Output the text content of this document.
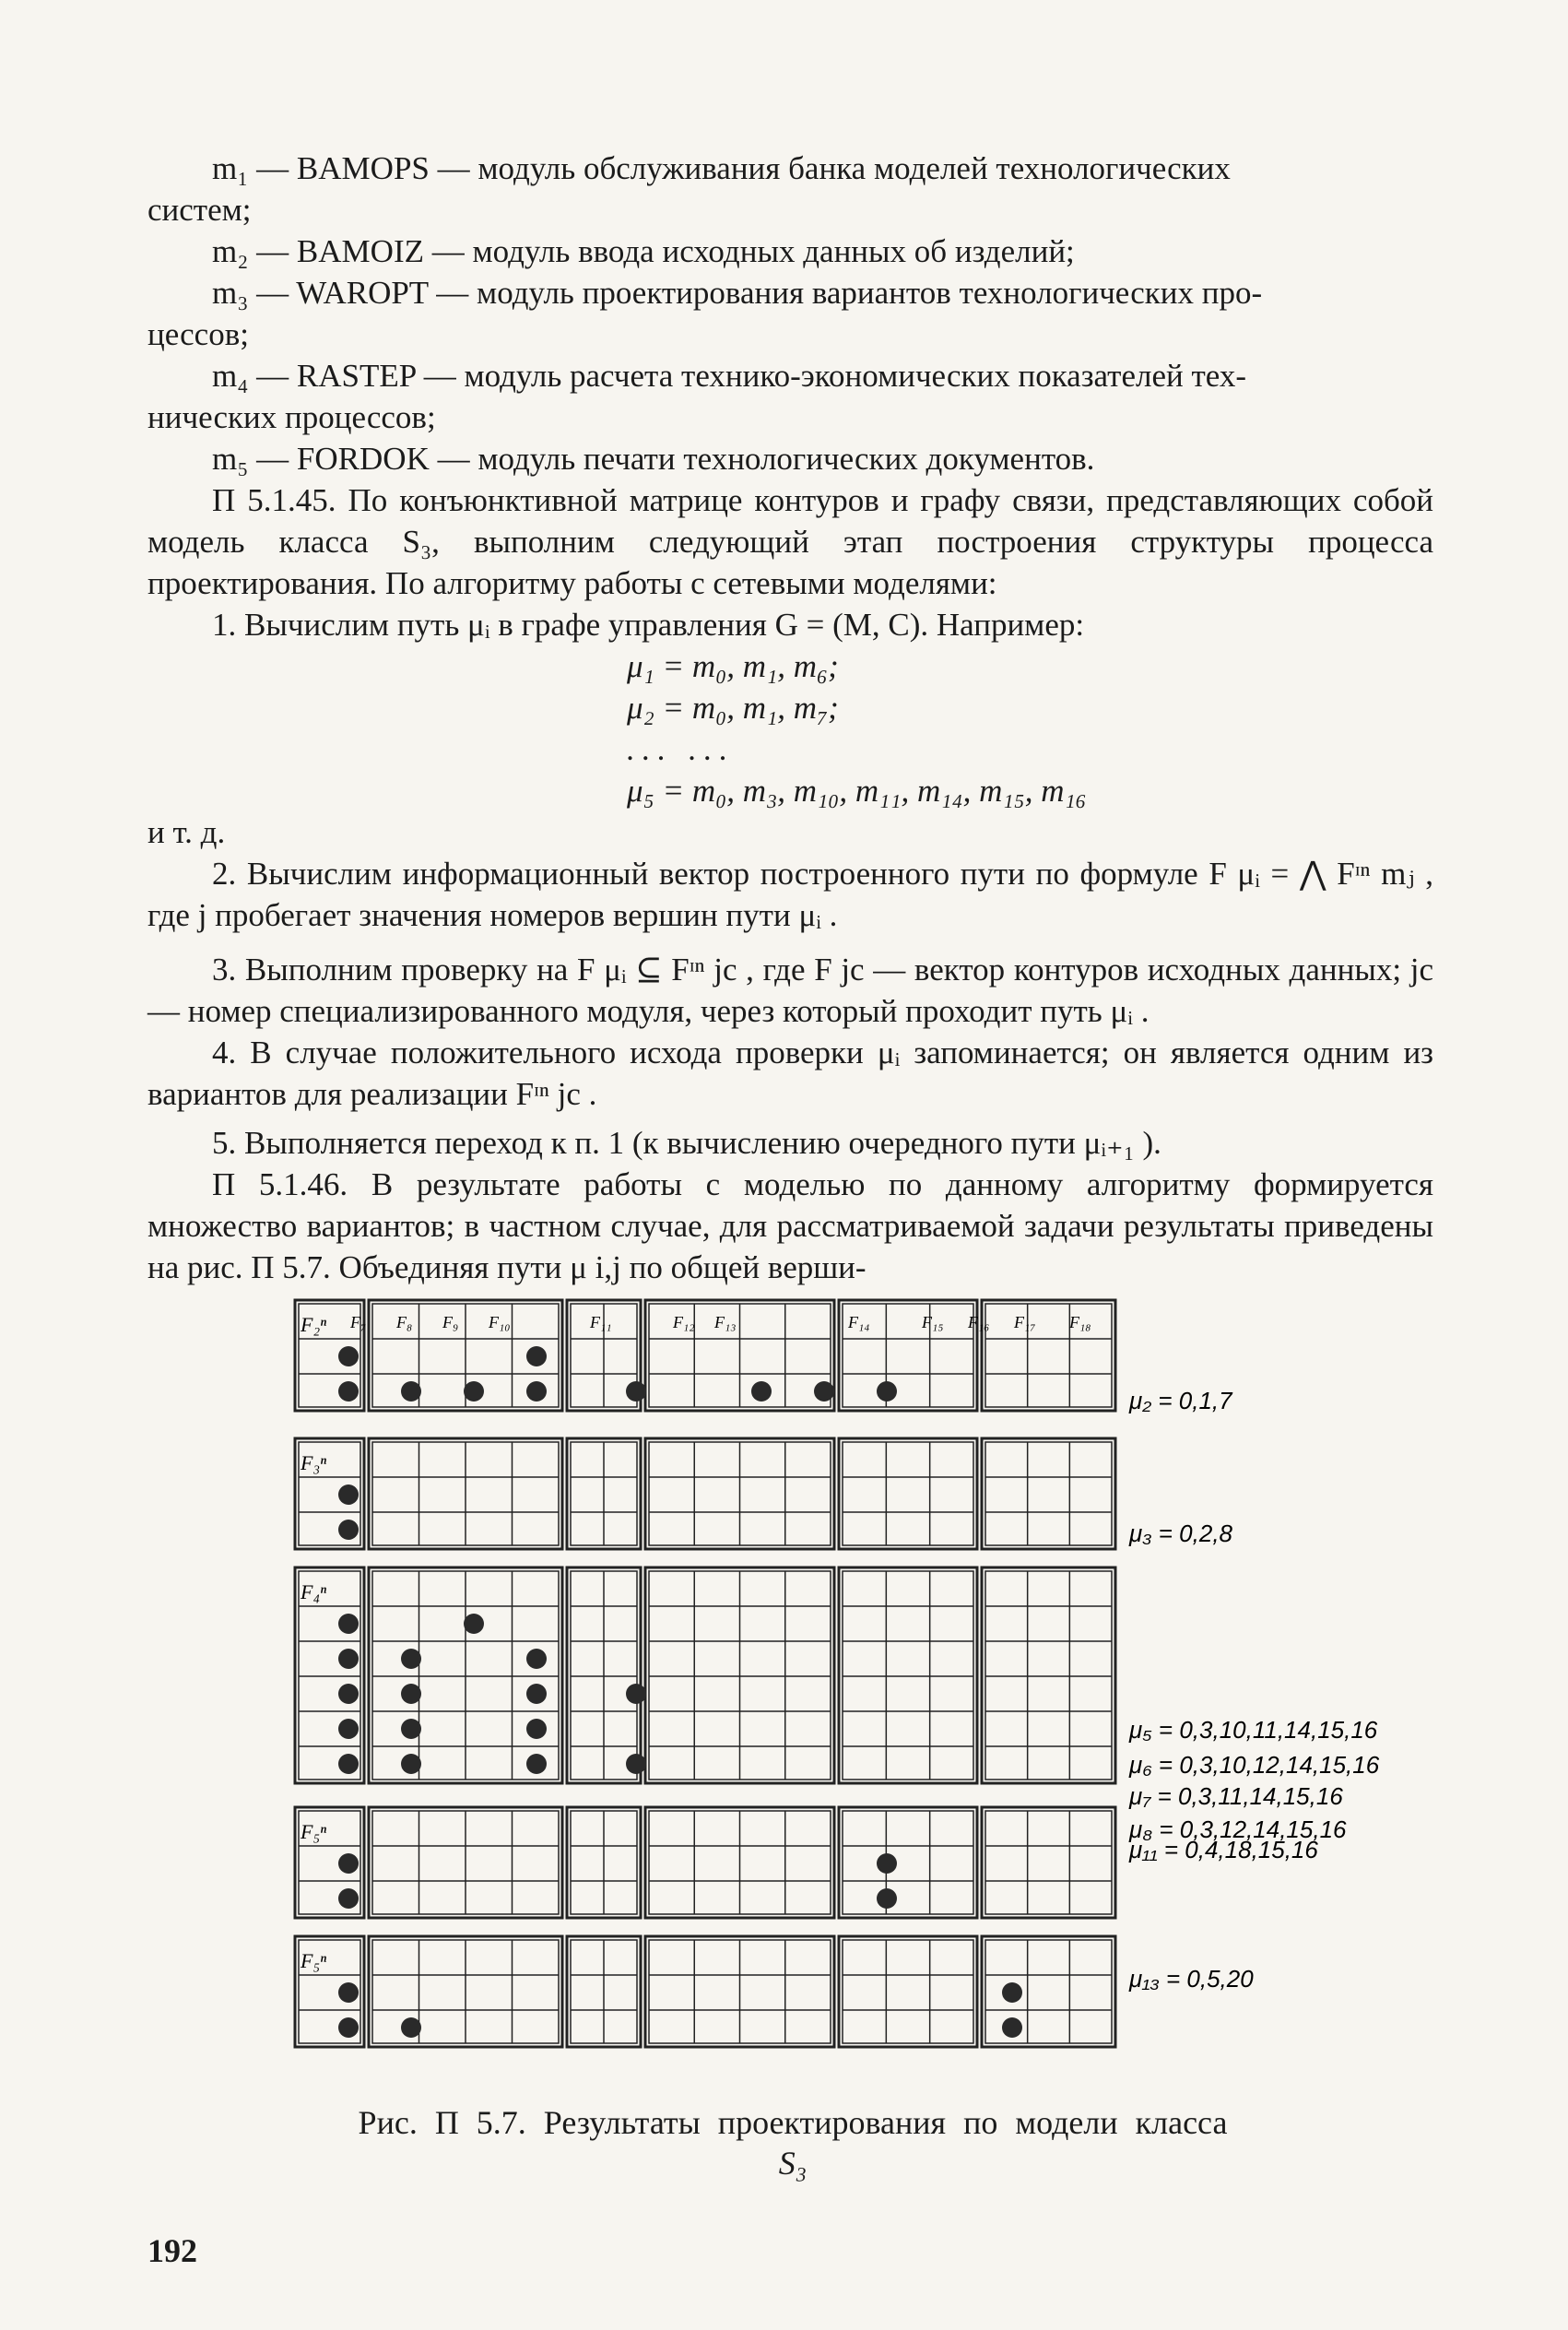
m₁ — BAMOPS — модуль обслуживания банка моделей технологических

систем;

m₂ — BAMOIZ — модуль ввода исходных данных об изделий;

m₃ — WAROPT — модуль проектирования вариантов технологических про-

цессов;

m₄ — RASTEP — модуль расчета технико-экономических показателей тех-

нических процессов;

m₅ — FORDOK — модуль печати технологических документов.

П 5.1.45. По конъюнктивной матрице контуров и графу связи, представляющих собой модель класса S₃, выполним следующий этап построения структуры процесса проектирования. По алгоритму работы с сетевыми моделями:

1. Вычислим путь μᵢ в графе управления G = (M, C). Например:

μ₁ = m₀, m₁, m₆;
μ₂ = m₀, m₁, m₇;
... ...
μ₅ = m₀, m₃, m₁₀, m₁₁, m₁₄, m₁₅, m₁₆

и т. д.

2. Вычислим информационный вектор построенного пути по формуле F μᵢ = ⋀ Fᶦⁿ mⱼ , где j пробегает значения номеров вершин пути μᵢ .

3. Выполним проверку на F μᵢ ⊆ Fᶦⁿ jc , где F jc — вектор контуров исходных данных; jc — номер специализированного модуля, через который проходит путь μᵢ .

4. В случае положительного исхода проверки μᵢ запоминается; он является одним из вариантов для реализации Fᶦⁿ jc .

5. Выполняется переход к п. 1 (к вычислению очередного пути μᵢ₊₁ ).

П 5.1.46. В результате работы с моделью по данному алгоритму формируется множество вариантов; в частном случае, для рассматриваемой задачи результаты приведены на рис. П 5.7. Объединяя пути μ i,j по общей верши-

F₂ⁿ
F₃ⁿ
F₄ⁿ
F₅ⁿ
F₅ⁿ
F₇ F₈ F₉ F₁₀	F₁₁	F₁₂ F₁₃	F₁₄	F₁₅ F₁₆ F₁₇ F₁₈
μ₂ = 0,1,7
μ₃ = 0,2,8
μ₅ = 0,3,10,11,14,15,16
μ₆ = 0,3,10,12,14,15,16
μ₇ = 0,3,11,14,15,16
μ₈ = 0,3,12,14,15,16
μ₁₁ = 0,4,18,15,16
μ₁₃ = 0,5,20
Рис. П 5.7. Результаты проектирования по модели класса
S₃
192
